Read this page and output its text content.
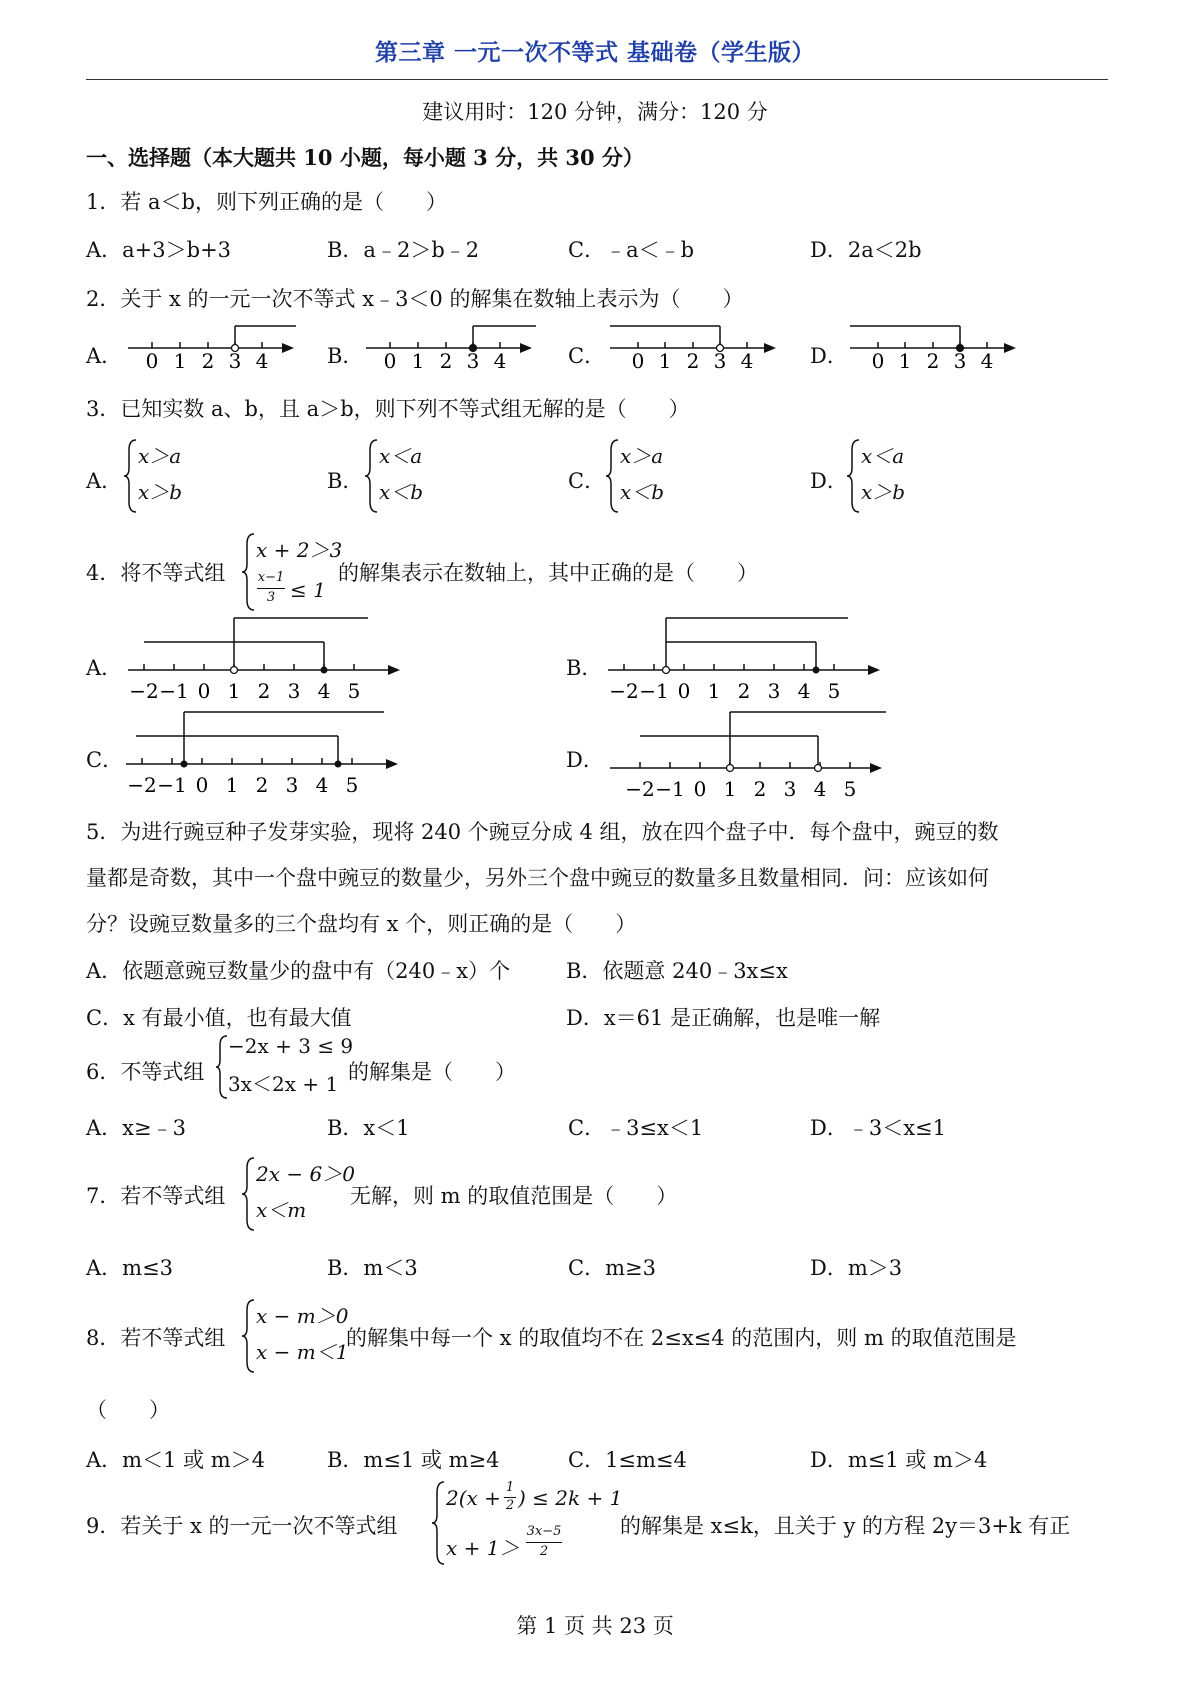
第三章 一元一次不等式 基础卷（学生版）
建议用时：120 分钟，满分：120 分
一、选择题（本大题共 10 小题，每小题 3 分，共 30 分）
1．若 a＜b，则下列正确的是（　　）
A．a+3＞b+3	B．a﹣2＞b﹣2	C．﹣a＜﹣b	D．2a＜2b
2．关于 x 的一元一次不等式 x﹣3＜0 的解集在数轴上表示为（　　）
A．	B．	C．	D．
0 1 2 3 4	0 1 2 3 4	0 1 2 3 4	0 1 2 3 4
3．已知实数 a、b，且 a＞b，则下列不等式组无解的是（　　）
A．	B．	C．	D．
x＞a
x＞b
x＜a
x＜b
x＞a
x＜b
x＜a
x＞b
4．将不等式组
x + 2＞3
x−1
3 ≤ 1
的解集表示在数轴上，其中正确的是（　　）
A．	B．
C．	D．
−2 −1 0 1 2 3 4 5	−2 −1 0 1 2 3 4 5
−2 −1 0 1 2 3 4 5	−2 −1 0 1 2 3 4 5
5．为进行豌豆种子发芽实验，现将 240 个豌豆分成 4 组，放在四个盘子中．每个盘中，豌豆的数
量都是奇数，其中一个盘中豌豆的数量少，另外三个盘中豌豆的数量多且数量相同．问：应该如何
分？设豌豆数量多的三个盘均有 x 个，则正确的是（　　）
A．依题意豌豆数量少的盘中有（240﹣x）个	B．依题意 240﹣3x≤x
C．x 有最小值，也有最大值	D．x＝61 是正确解，也是唯一解
6．不等式组
−2x + 3 ≤ 9
3x＜2x + 1 的解集是（　　）
A．x≥﹣3	B．x＜1	C．﹣3≤x＜1	D．﹣3＜x≤1
7．若不等式组
2x − 6＞0
x＜m
无解，则 m 的取值范围是（　　）
A．m≤3	B．m＜3	C．m≥3	D．m＞3
8．若不等式组
x − m＞0
x − m＜1
的解集中每一个 x 的取值均不在 2≤x≤4 的范围内，则 m 的取值范围是
（　　）
A．m＜1 或 m＞4	B．m≤1 或 m≥4	C．1≤m≤4	D．m≤1 或 m＞4
9．若关于 x 的一元一次不等式组
2(x + 1
2 ) ≤ 2k + 1
x + 1＞
3x−5
2
的解集是 x≤k，且关于 y 的方程 2y＝3+k 有正
第 1 页 共 23 页
